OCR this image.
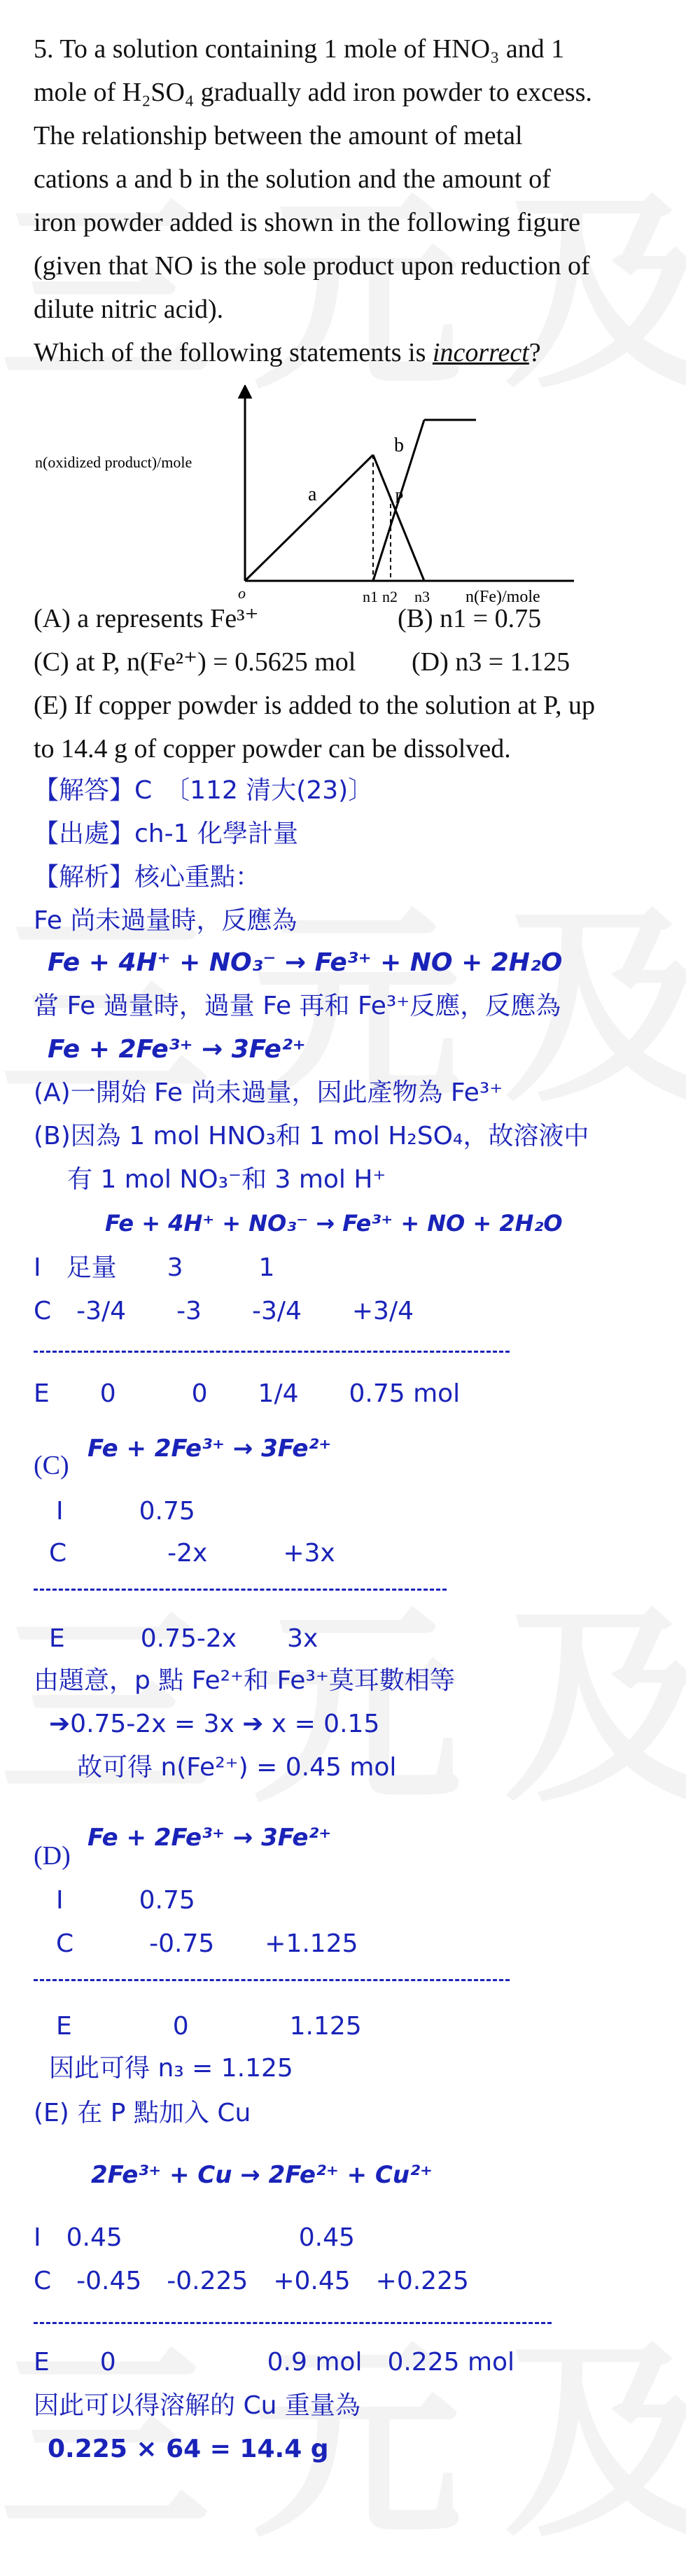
5. To a solution containing 1 mole of HNO₃ and 1
mole of H₂SO₄ gradually add iron powder to excess.
The relationship between the amount of metal
cations a and b in the solution and the amount of
iron powder added is shown in the following figure
(given that NO is the sole product upon reduction of
dilute nitric acid).
Which of the following statements is incorrect?
n(oxidized product)/mole
n(Fe)/mole
o
a
b
P
n1 n2 n3
(A) a represents Fe³⁺	(B) n1 = 0.75
(C) at P, n(Fe²⁺) = 0.5625 mol (D) n3 = 1.125
(E) If copper powder is added to the solution at P, up
to 14.4 g of copper powder can be dissolved.
【解答】C　〔112 清大(23)〕
【出處】ch-1 化學計量
【解析】核心重點：
Fe 尚未過量時，反應為
Fe + 4H⁺ + NO₃⁻ → Fe³⁺ + NO + 2H₂O
當 Fe 過量時，過量 Fe 再和 Fe³⁺反應，反應為
Fe + 2Fe³⁺ → 3Fe²⁺
(A)一開始 Fe 尚未過量，因此產物為 Fe³⁺
(B)因為 1 mol HNO₃和 1 mol H₂SO₄，故溶液中
有 1 mol NO₃⁻和 3 mol H⁺
Fe + 4H⁺ + NO₃⁻ → Fe³⁺ + NO + 2H₂O
I　足量　　3　　　1
C　-3/4　　-3　　-3/4　　+3/4
E　　0　　　0　　1/4　　0.75 mol
(C)
Fe + 2Fe³⁺ → 3Fe²⁺
I　　　0.75
C　　　　-2x　　　+3x
E　　　0.75-2x　　3x
由題意，p 點 Fe²⁺和 Fe³⁺莫耳數相等
➔0.75-2x = 3x ➔ x = 0.15
故可得 n(Fe²⁺) = 0.45 mol
(D)
Fe + 2Fe³⁺ → 3Fe²⁺
I　　　0.75
C　　　-0.75　　+1.125
E　　　　0　　　　1.125
因此可得 n₃ = 1.125
(E) 在 P 點加入 Cu
2Fe³⁺ + Cu → 2Fe²⁺ + Cu²⁺
I　0.45　　　　　　　0.45
C　-0.45　-0.225　+0.45　+0.225
E　　0　　　　　　0.9 mol　0.225 mol
因此可以得溶解的 Cu 重量為
0.225 × 64 = 14.4 g
